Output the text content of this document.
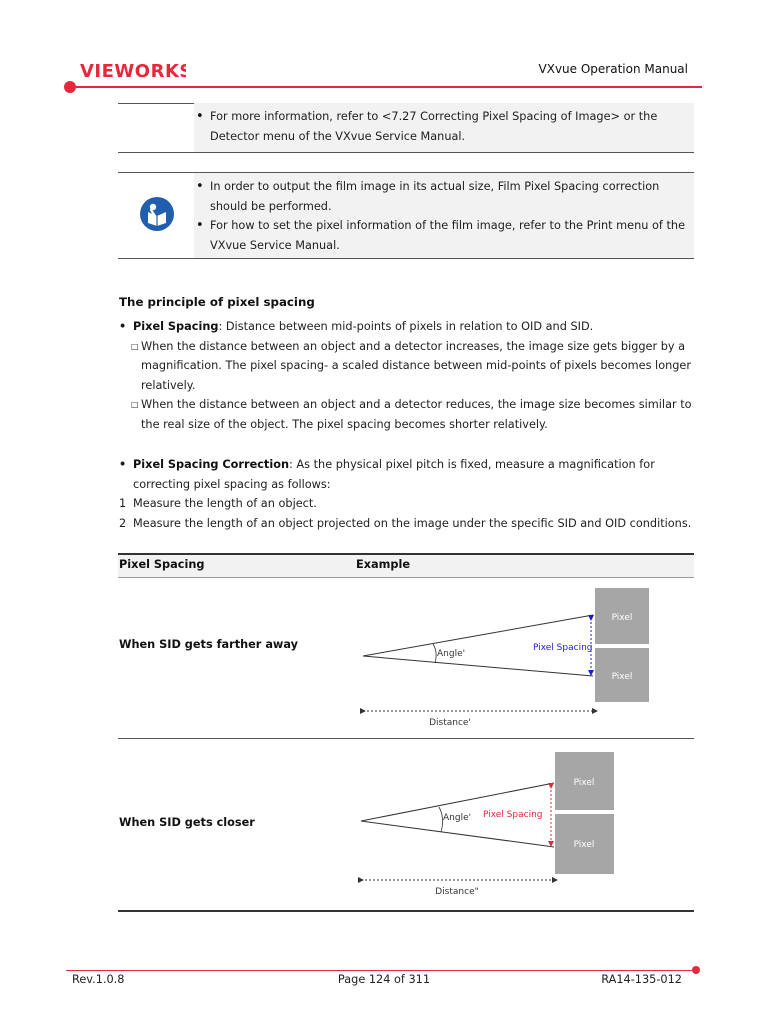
VIEWORKS	VXvue Operation Manual
• For more information, refer to <7.27 Correcting Pixel Spacing of Image> or the Detector menu of the VXvue Service Manual.
• In order to output the film image in its actual size, Film Pixel Spacing correction should be performed.
• For how to set the pixel information of the film image, refer to the Print menu of the VXvue Service Manual.
The principle of pixel spacing
• Pixel Spacing: Distance between mid-points of pixels in relation to OID and SID.
□ When the distance between an object and a detector increases, the image size gets bigger by a magnification. The pixel spacing- a scaled distance between mid-points of pixels becomes longer relatively.
□ When the distance between an object and a detector reduces, the image size becomes similar to the real size of the object. The pixel spacing becomes shorter relatively.
• Pixel Spacing Correction: As the physical pixel pitch is fixed, measure a magnification for correcting pixel spacing as follows:
1 Measure the length of an object.
2 Measure the length of an object projected on the image under the specific SID and OID conditions.
Pixel Spacing	Example
When SID gets farther away
Pixel
Pixel
Angle'
Pixel Spacing
Distance'
When SID gets closer
Pixel
Pixel
Angle' Pixel Spacing
Distance"
Rev.1.0.8	Page 124 of 311	RA14-135-012
